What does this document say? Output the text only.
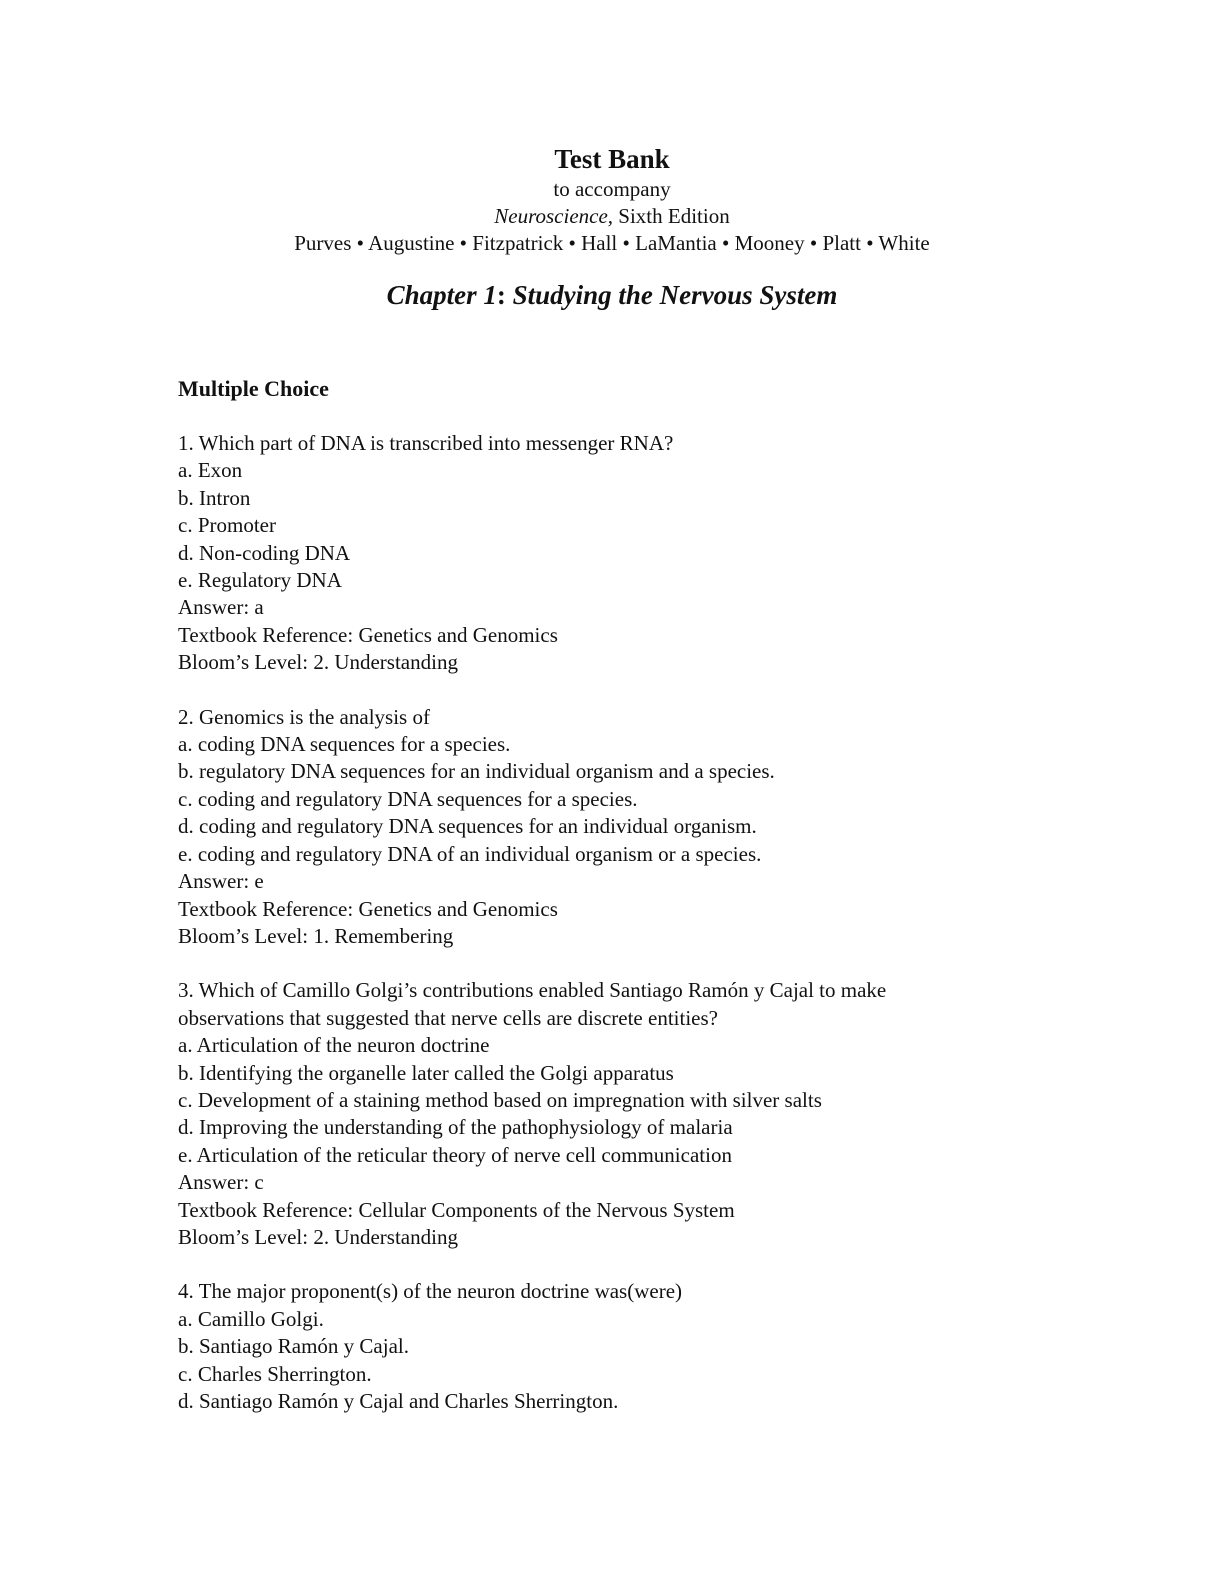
Test Bank
to accompany
Neuroscience, Sixth Edition
Purves • Augustine • Fitzpatrick • Hall • LaMantia • Mooney • Platt • White
Chapter 1: Studying the Nervous System
Multiple Choice
1. Which part of DNA is transcribed into messenger RNA?
a. Exon
b. Intron
c. Promoter
d. Non-coding DNA
e. Regulatory DNA
Answer: a
Textbook Reference: Genetics and Genomics
Bloom’s Level: 2. Understanding
2. Genomics is the analysis of
a. coding DNA sequences for a species.
b. regulatory DNA sequences for an individual organism and a species.
c. coding and regulatory DNA sequences for a species.
d. coding and regulatory DNA sequences for an individual organism.
e. coding and regulatory DNA of an individual organism or a species.
Answer: e
Textbook Reference: Genetics and Genomics
Bloom’s Level: 1. Remembering
3. Which of Camillo Golgi’s contributions enabled Santiago Ramón y Cajal to make
observations that suggested that nerve cells are discrete entities?
a. Articulation of the neuron doctrine
b. Identifying the organelle later called the Golgi apparatus
c. Development of a staining method based on impregnation with silver salts
d. Improving the understanding of the pathophysiology of malaria
e. Articulation of the reticular theory of nerve cell communication
Answer: c
Textbook Reference: Cellular Components of the Nervous System
Bloom’s Level: 2. Understanding
4. The major proponent(s) of the neuron doctrine was(were)
a. Camillo Golgi.
b. Santiago Ramón y Cajal.
c. Charles Sherrington.
d. Santiago Ramón y Cajal and Charles Sherrington.
